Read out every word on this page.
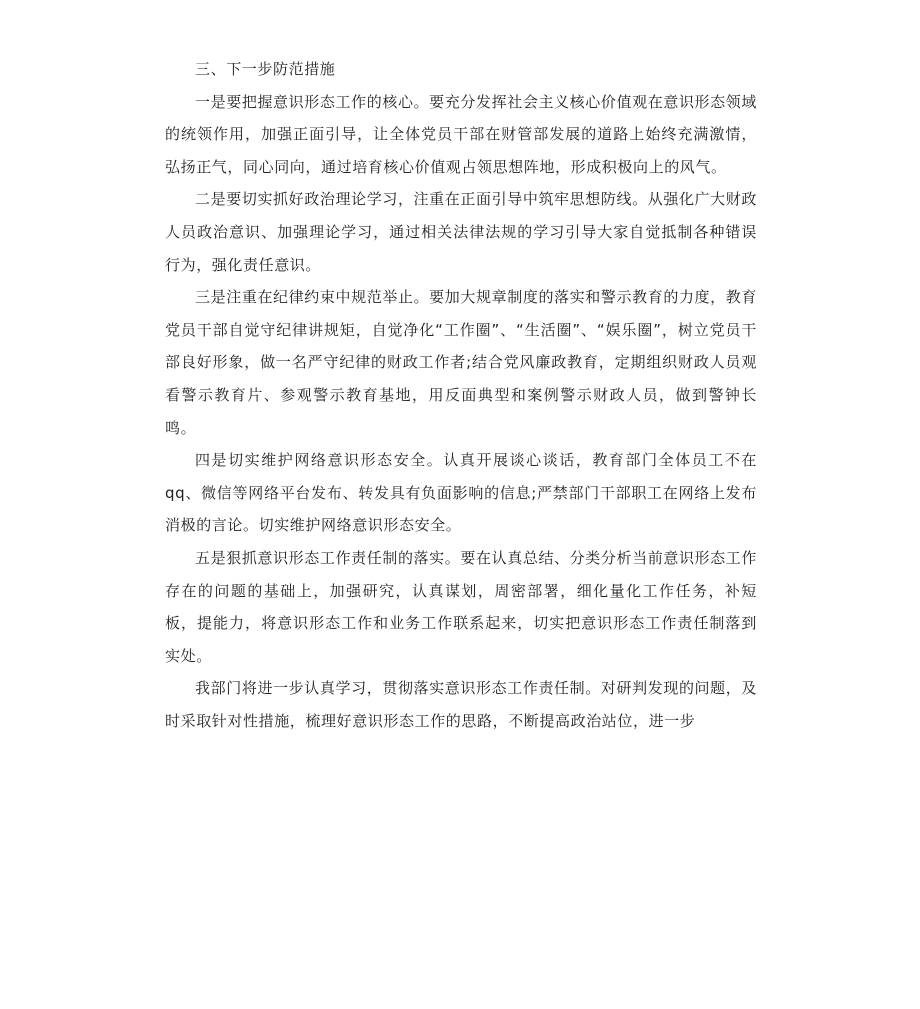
三、下一步防范措施

一是要把握意识形态工作的核心。要充分发挥社会主义核心价值观在意识形态领域的统领作用，加强正面引导，让全体党员干部在财管部发展的道路上始终充满激情，弘扬正气，同心同向，通过培育核心价值观占领思想阵地，形成积极向上的风气。

二是要切实抓好政治理论学习，注重在正面引导中筑牢思想防线。从强化广大财政人员政治意识、加强理论学习，通过相关法律法规的学习引导大家自觉抵制各种错误行为，强化责任意识。

三是注重在纪律约束中规范举止。要加大规章制度的落实和警示教育的力度，教育党员干部自觉守纪律讲规矩，自觉净化“工作圈”、“生活圈”、“娱乐圈”，树立党员干部良好形象，做一名严守纪律的财政工作者;结合党风廉政教育，定期组织财政人员观看警示教育片、参观警示教育基地，用反面典型和案例警示财政人员，做到警钟长鸣。

四是切实维护网络意识形态安全。认真开展谈心谈话，教育部门全体员工不在qq、微信等网络平台发布、转发具有负面影响的信息;严禁部门干部职工在网络上发布消极的言论。切实维护网络意识形态安全。

五是狠抓意识形态工作责任制的落实。要在认真总结、分类分析当前意识形态工作存在的问题的基础上，加强研究，认真谋划，周密部署，细化量化工作任务，补短板，提能力，将意识形态工作和业务工作联系起来，切实把意识形态工作责任制落到实处。

我部门将进一步认真学习，贯彻落实意识形态工作责任制。对研判发现的问题，及时采取针对性措施，梳理好意识形态工作的思路，不断提高政治站位，进一步
